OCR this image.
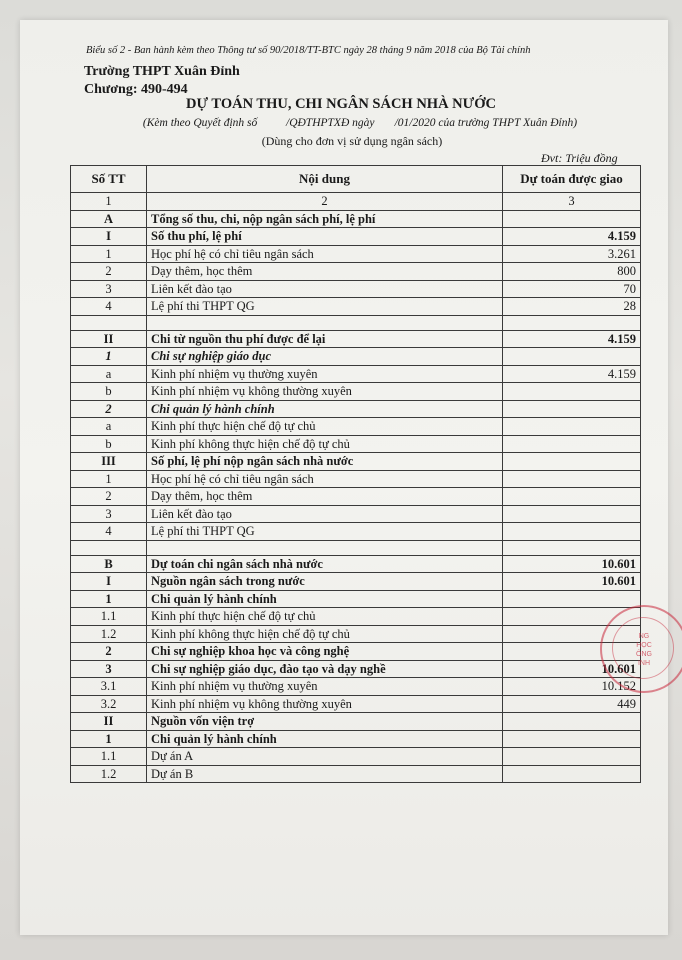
Biểu số 2 - Ban hành kèm theo Thông tư số 90/2018/TT-BTC ngày 28 tháng 9 năm 2018 của Bộ Tài chính
Trường THPT Xuân Đỉnh
Chương: 490-494
DỰ TOÁN THU, CHI NGÂN SÁCH NHÀ NƯỚC
(Kèm theo Quyết định số          /QĐTHPTXĐ ngày       /01/2020 của trường THPT Xuân Đỉnh)
(Dùng cho đơn vị sử dụng ngân sách)
Đvt: Triệu đồng
Số TT	Nội dung	Dự toán được giao
1	2	3
A	Tổng số thu, chi, nộp ngân sách phí, lệ phí	
I	Số thu phí, lệ phí	4.159
1	Học phí hệ có chỉ tiêu ngân sách	3.261
2	Dạy thêm, học thêm	800
3	Liên kết đào tạo	70
4	Lệ phí thi THPT QG	28

II	Chi từ nguồn thu phí được để lại	4.159
1	Chi sự nghiệp giáo dục	
a	Kinh phí nhiệm vụ thường xuyên	4.159
b	Kinh phí nhiệm vụ không thường xuyên	
2	Chi quản lý hành chính	
a	Kinh phí thực hiện chế độ tự chủ	
b	Kinh phí không thực hiện chế độ tự chủ	
III	Số phí, lệ phí nộp ngân sách nhà nước	
1	Học phí hệ có chỉ tiêu ngân sách	
2	Dạy thêm, học thêm	
3	Liên kết đào tạo	
4	Lệ phí thi THPT QG	

B	Dự toán chi ngân sách nhà nước	10.601
I	Nguồn ngân sách trong nước	10.601
1	Chi quản lý hành chính	
1.1	Kinh phí thực hiện chế độ tự chủ	
1.2	Kinh phí không thực hiện chế độ tự chủ	
2	Chi sự nghiệp khoa học và công nghệ	
3	Chi sự nghiệp giáo dục, đào tạo và dạy nghề	10.601
3.1	Kinh phí nhiệm vụ thường xuyên	10.152
3.2	Kinh phí nhiệm vụ không thường xuyên	449
II	Nguồn vốn viện trợ	
1	Chi quản lý hành chính	
1.1	Dự án A	
1.2	Dự án B	
NG
HỌC
ÔNG
INH
